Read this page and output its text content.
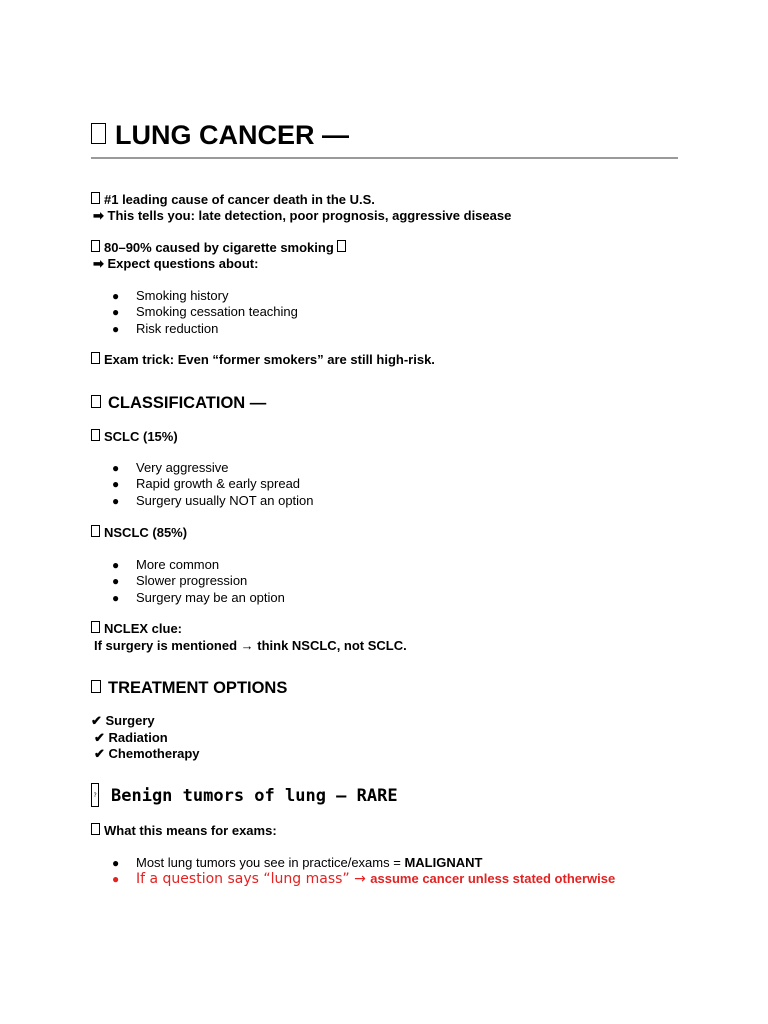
LUNG CANCER —
#1 leading cause of cancer death in the U.S.
➡ This tells you: late detection, poor prognosis, aggressive disease
80–90% caused by cigarette smoking
➡ Expect questions about:
● Smoking history
● Smoking cessation teaching
● Risk reduction
Exam trick: Even “former smokers” are still high-risk.
CLASSIFICATION —
SCLC (15%)
● Very aggressive
● Rapid growth & early spread
● Surgery usually NOT an option
NSCLC (85%)
● More common
● Slower progression
● Surgery may be an option
NCLEX clue:
If surgery is mentioned → think NSCLC, not SCLC.
TREATMENT OPTIONS
✔ Surgery
✔ Radiation
✔ Chemotherapy
? Benign tumors of lung — RARE
What this means for exams:
● Most lung tumors you see in practice/exams = MALIGNANT
● If a question says “lung mass” → assume cancer unless stated otherwise
